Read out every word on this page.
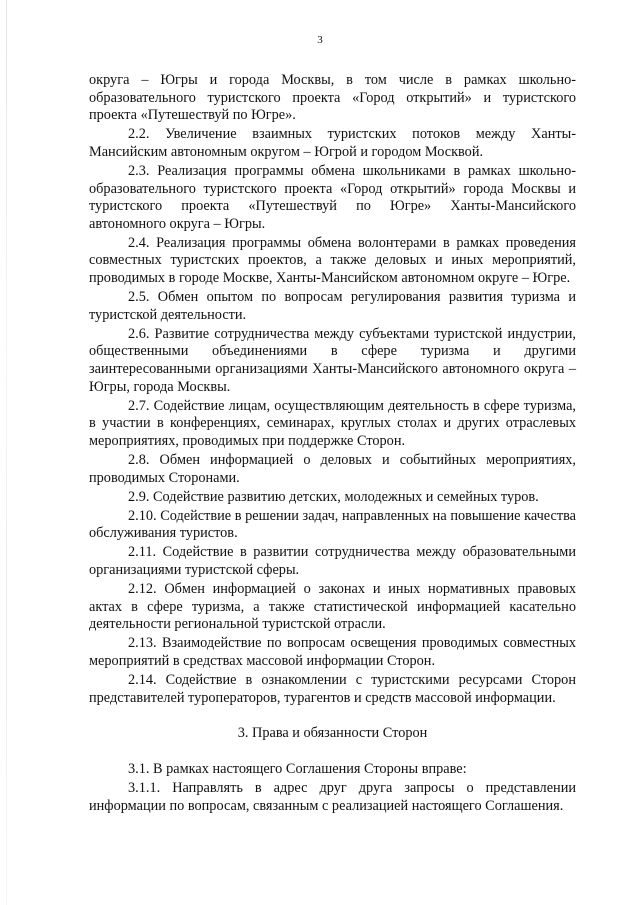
3

округа – Югры и города Москвы, в том числе в рамках школьно-образовательного туристского проекта «Город открытий» и туристского проекта «Путешествуй по Югре».

2.2. Увеличение взаимных туристских потоков между Ханты-Мансийским автономным округом – Югрой и городом Москвой.

2.3. Реализация программы обмена школьниками в рамках школьно-образовательного туристского проекта «Город открытий» города Москвы и туристского проекта «Путешествуй по Югре» Ханты-Мансийского автономного округа – Югры.

2.4. Реализация программы обмена волонтерами в рамках проведения совместных туристских проектов, а также деловых и иных мероприятий, проводимых в городе Москве, Ханты-Мансийском автономном округе – Югре.

2.5. Обмен опытом по вопросам регулирования развития туризма и туристской деятельности.

2.6. Развитие сотрудничества между субъектами туристской индустрии, общественными объединениями в сфере туризма и другими заинтересованными организациями Ханты-Мансийского автономного округа – Югры, города Москвы.

2.7. Содействие лицам, осуществляющим деятельность в сфере туризма, в участии в конференциях, семинарах, круглых столах и других отраслевых мероприятиях, проводимых при поддержке Сторон.

2.8. Обмен информацией о деловых и событийных мероприятиях, проводимых Сторонами.

2.9. Содействие развитию детских, молодежных и семейных туров.

2.10. Содействие в решении задач, направленных на повышение качества обслуживания туристов.

2.11. Содействие в развитии сотрудничества между образовательными организациями туристской сферы.

2.12. Обмен информацией о законах и иных нормативных правовых актах в сфере туризма, а также статистической информацией касательно деятельности региональной туристской отрасли.

2.13. Взаимодействие по вопросам освещения проводимых совместных мероприятий в средствах массовой информации Сторон.

2.14. Содействие в ознакомлении с туристскими ресурсами Сторон представителей туроператоров, турагентов и средств массовой информации.

3. Права и обязанности Сторон

3.1. В рамках настоящего Соглашения Стороны вправе:

3.1.1. Направлять в адрес друг друга запросы о представлении информации по вопросам, связанным с реализацией настоящего Соглашения.
